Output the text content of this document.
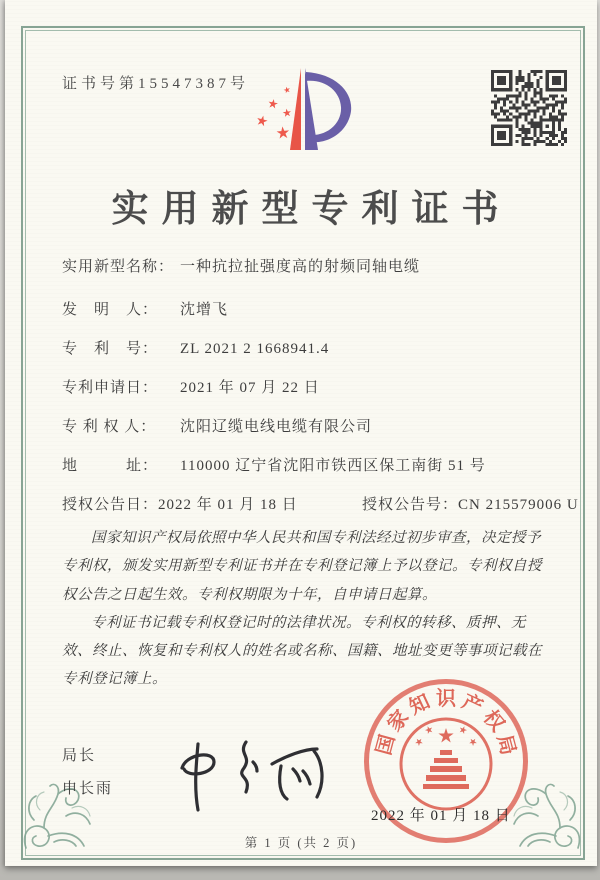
证书号第15547387号
实用新型专利证书
实用新型名称： 一种抗拉扯强度高的射频同轴电缆
发　明　人： 沈增飞
专　利　号： ZL 2021 2 1668941.4
专利申请日： 2021 年 07 月 22 日
专 利 权 人： 沈阳辽缆电线电缆有限公司
地　　　址： 110000 辽宁省沈阳市铁西区保工南街 51 号
授权公告日：2022 年 01 月 18 日	授权公告号：CN 215579006 U

国家知识产权局依照中华人民共和国专利法经过初步审查，决定授予专利权，颁发实用新型专利证书并在专利登记簿上予以登记。专利权自授权公告之日起生效。专利权期限为十年，自申请日起算。

专利证书记载专利权登记时的法律状况。专利权的转移、质押、无效、终止、恢复和专利权人的姓名或名称、国籍、地址变更等事项记载在专利登记簿上。

局长
申长雨
国
家
知 识 产
权
局
2022 年 01 月 18 日
第 1 页 (共 2 页)
